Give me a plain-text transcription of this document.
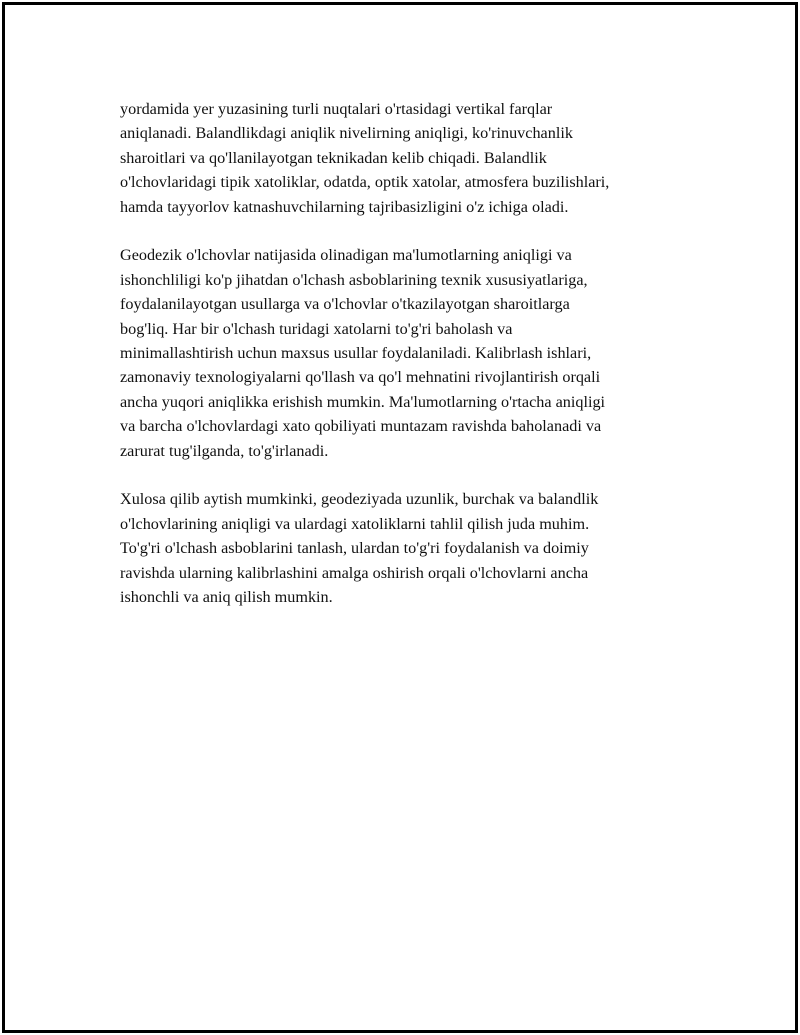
yordamida yer yuzasining turli nuqtalari o'rtasidagi vertikal farqlar
aniqlanadi. Balandlikdagi aniqlik nivelirning aniqligi, ko'rinuvchanlik
sharoitlari va qo'llanilayotgan teknikadan kelib chiqadi. Balandlik
o'lchovlaridagi tipik xatoliklar, odatda, optik xatolar, atmosfera buzilishlari,
hamda tayyorlov katnashuvchilarning tajribasizligini o'z ichiga oladi.

Geodezik o'lchovlar natijasida olinadigan ma'lumotlarning aniqligi va
ishonchliligi ko'p jihatdan o'lchash asboblarining texnik xususiyatlariga,
foydalanilayotgan usullarga va o'lchovlar o'tkazilayotgan sharoitlarga
bog'liq. Har bir o'lchash turidagi xatolarni to'g'ri baholash va
minimallashtirish uchun maxsus usullar foydalaniladi. Kalibrlash ishlari,
zamonaviy texnologiyalarni qo'llash va qo'l mehnatini rivojlantirish orqali
ancha yuqori aniqlikka erishish mumkin. Ma'lumotlarning o'rtacha aniqligi
va barcha o'lchovlardagi xato qobiliyati muntazam ravishda baholanadi va
zarurat tug'ilganda, to'g'irlanadi.

Xulosa qilib aytish mumkinki, geodeziyada uzunlik, burchak va balandlik
o'lchovlarining aniqligi va ulardagi xatoliklarni tahlil qilish juda muhim.
To'g'ri o'lchash asboblarini tanlash, ulardan to'g'ri foydalanish va doimiy
ravishda ularning kalibrlashini amalga oshirish orqali o'lchovlarni ancha
ishonchli va aniq qilish mumkin.
